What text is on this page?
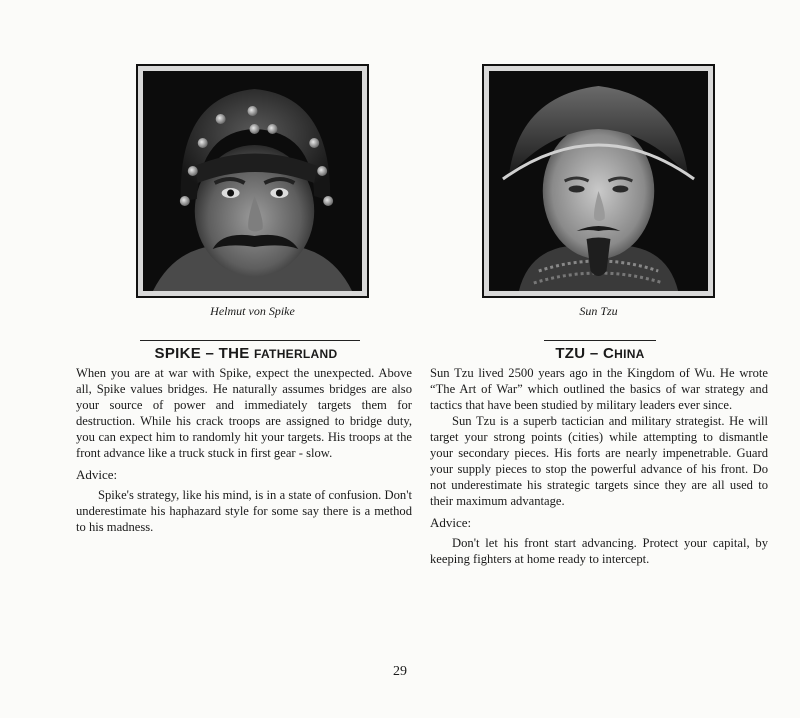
Helmut von Spike	Sun Tzu
SPIKE – THE FATHERLAND

When you are at war with Spike, expect the unexpected. Above all, Spike values bridges. He naturally assumes bridges are also your source of power and immediately targets them for destruction. While his crack troops are assigned to bridge duty, you can expect him to randomly hit your targets. His troops at the front advance like a truck stuck in first gear - slow.

Advice:

Spike's strategy, like his mind, is in a state of confusion. Don't underestimate his haphazard style for some say there is a method to his madness.

TZU – CHINA

Sun Tzu lived 2500 years ago in the Kingdom of Wu. He wrote “The Art of War” which outlined the basics of war strategy and tactics that have been studied by military leaders ever since.

Sun Tzu is a superb tactician and military strategist. He will target your strong points (cities) while attempting to dismantle your secondary pieces. His forts are nearly impenetrable. Guard your supply pieces to stop the powerful advance of his front. Do not underestimate his strategic targets since they are all used to their maximum advantage.

Advice:

Don't let his front start advancing. Protect your capital, by keeping fighters at home ready to intercept.

29
